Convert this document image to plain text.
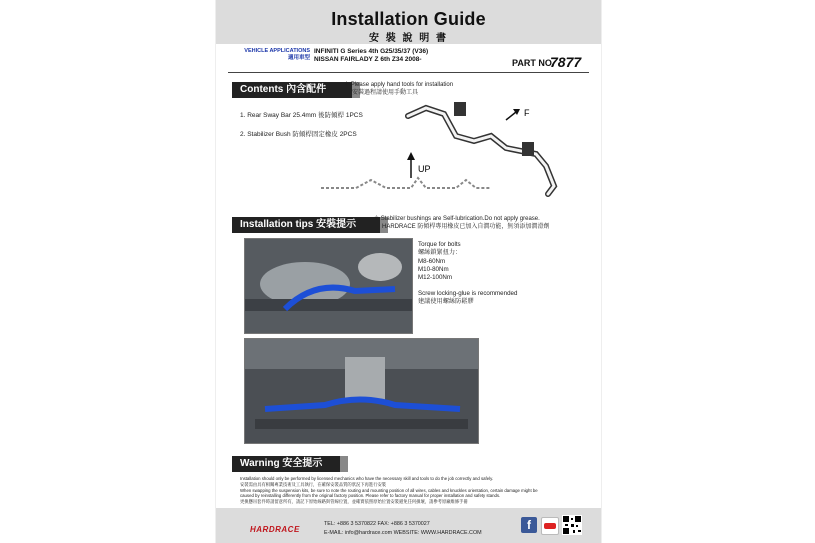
Installation Guide
安 裝 說 明 書
VEHICLE APPLICATIONS
適用車型
INFINITI G Series 4th G25/35/37 (V36)
NISSAN FAIRLADY Z 6th Z34 2008-	PART NO.
7877
Contents 內含配件	※ Please apply hand tools for installation
安裝過程請使用手動工具
1. Rear Sway Bar 25.4mm 後防傾桿 1PCS
2. Stabilizer Bush 防傾桿固定橡皮 2PCS
UP
F
Installation tips 安裝提示	※ Stabilizer bushings are Self-lubrication.Do not apply grease.
HARDRACE 防傾桿專用橡皮已加入自潤功能，無須添加潤滑劑
Torque for bolts
螺絲鎖緊扭力：
M8-60Nm
M10-80Nm
M12-100Nm
Screw locking-glue is recommended
建議使用螺絲防鬆膠
Warning 安全提示
Installation should only be performed by licensed mechanics who have the necessary skill and tools to do the job correctly and safely.
安裝需由具有相關專業技術及工具執行，在確保安裝品質的狀況下再進行安裝
When swapping the suspension kits, be sure to note the routing and mounting position of all wires, cables and knuckles orientation, certain damage might be
caused by reinstalling differently from the original factory position. Please refer to factory manual for proper installation and safety stands.
更換懸吊套件時請留意所有，請記下原始線路與管線位置，並確實依照原始位置安裝避免任何損壞，請參考原廠維修手冊
HARDRACE
TEL: +886 3 5370822 FAX: +886 3 5370027
E-MAIL: info@hardrace.com WEBSITE: WWW.HARDRACE.COM
f
